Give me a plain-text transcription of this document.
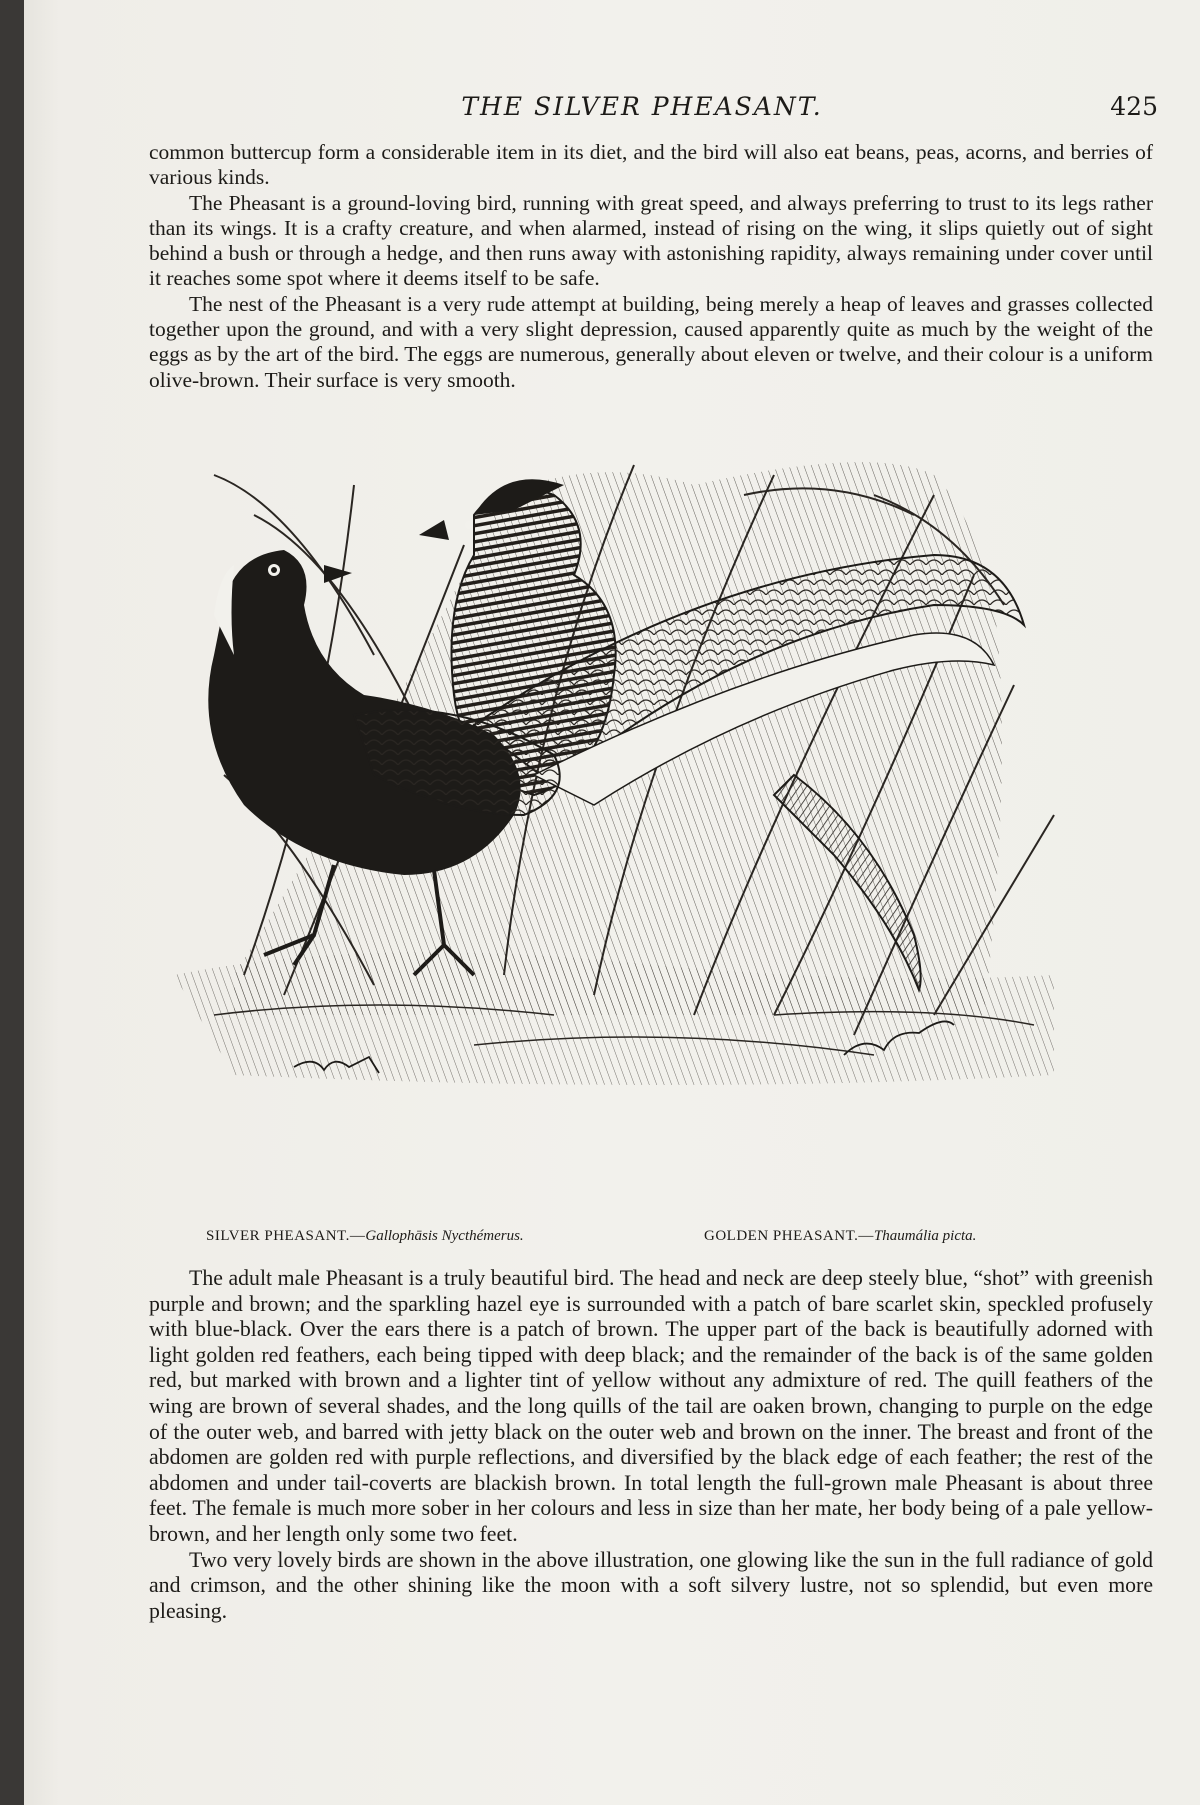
THE SILVER PHEASANT.	425

common buttercup form a considerable item in its diet, and the bird will also eat beans, peas, acorns, and berries of various kinds.

The Pheasant is a ground-loving bird, running with great speed, and always preferring to trust to its legs rather than its wings. It is a crafty creature, and when alarmed, instead of rising on the wing, it slips quietly out of sight behind a bush or through a hedge, and then runs away with astonishing rapidity, always remaining under cover until it reaches some spot where it deems itself to be safe.

The nest of the Pheasant is a very rude attempt at building, being merely a heap of leaves and grasses collected together upon the ground, and with a very slight depression, caused apparently quite as much by the weight of the eggs as by the art of the bird. The eggs are numerous, generally about eleven or twelve, and their colour is a uniform olive-brown. Their surface is very smooth.

SILVER PHEASANT.—Gallophāsis Nycthémerus.	GOLDEN PHEASANT.—Thaumália picta.

The adult male Pheasant is a truly beautiful bird. The head and neck are deep steely blue, “shot” with greenish purple and brown; and the sparkling hazel eye is surrounded with a patch of bare scarlet skin, speckled profusely with blue-black. Over the ears there is a patch of brown. The upper part of the back is beautifully adorned with light golden red feathers, each being tipped with deep black; and the remainder of the back is of the same golden red, but marked with brown and a lighter tint of yellow without any admixture of red. The quill feathers of the wing are brown of several shades, and the long quills of the tail are oaken brown, changing to purple on the edge of the outer web, and barred with jetty black on the outer web and brown on the inner. The breast and front of the abdomen are golden red with purple reflections, and diversified by the black edge of each feather; the rest of the abdomen and under tail-coverts are blackish brown. In total length the full-grown male Pheasant is about three feet. The female is much more sober in her colours and less in size than her mate, her body being of a pale yellow-brown, and her length only some two feet.

Two very lovely birds are shown in the above illustration, one glowing like the sun in the full radiance of gold and crimson, and the other shining like the moon with a soft silvery lustre, not so splendid, but even more pleasing.
